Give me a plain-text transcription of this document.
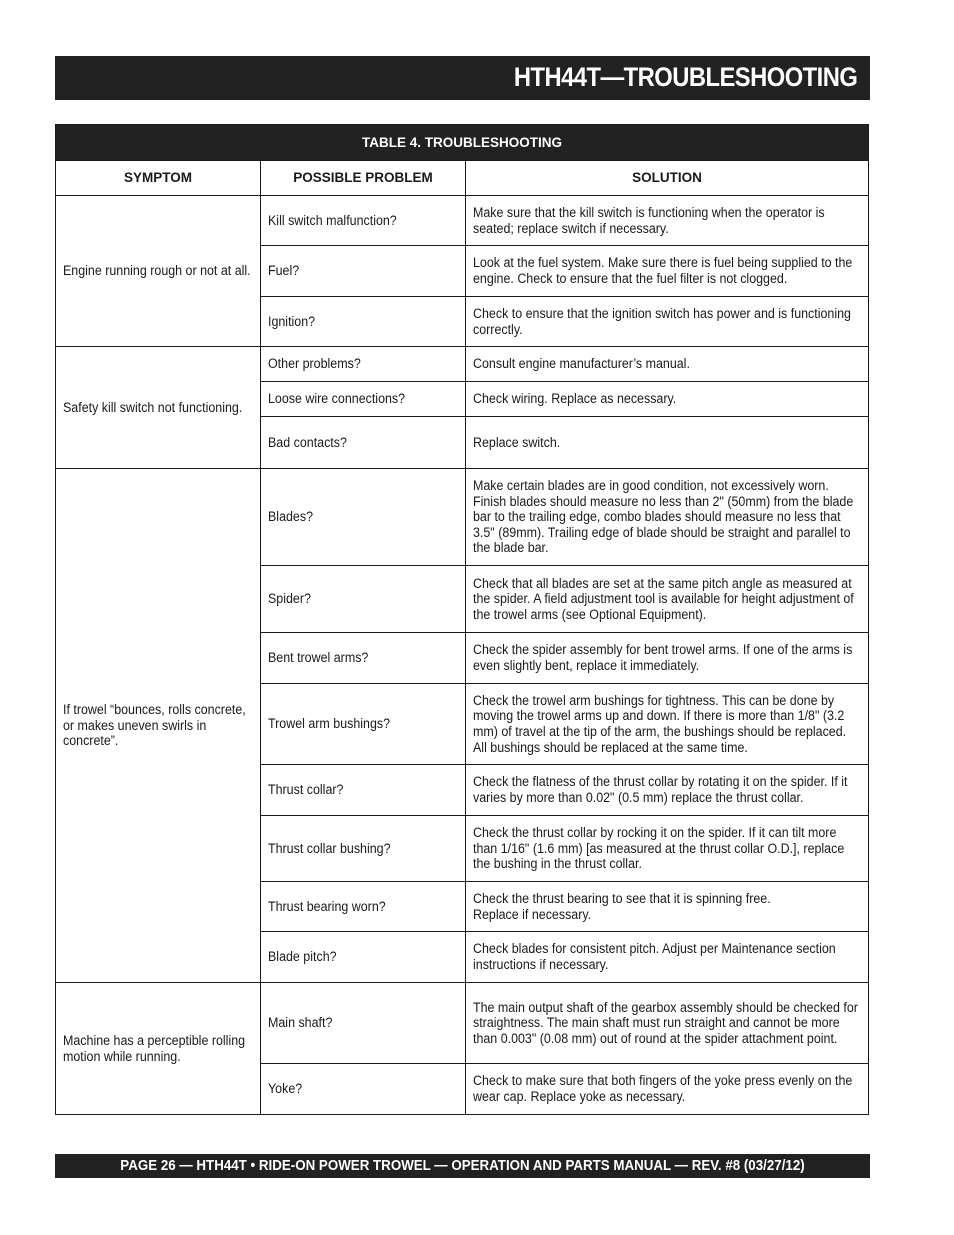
HTH44T—TROUBLESHOOTING
TABLE 4. TROUBLESHOOTING		
SYMPTOM	POSSIBLE PROBLEM	SOLUTION

Engine running rough or not at all.	Kill switch malfunction?	Make sure that the kill switch is functioning when the operator is seated; replace switch if necessary.

	Fuel?	Look at the fuel system. Make sure there is fuel being supplied to the engine. Check to ensure that the fuel filter is not clogged.

	Ignition?	Check to ensure that the ignition switch has power and is functioning correctly.

Safety kill switch not functioning.	Other problems?	Consult engine manufacturer’s manual.

	Loose wire connections?	Check wiring. Replace as necessary.

	Bad contacts?	Replace switch.

If trowel “bounces, rolls concrete, or makes uneven swirls in concrete”.	Blades?	Make certain blades are in good condition, not excessively worn. Finish blades should measure no less than 2" (50mm) from the blade bar to the trailing edge, combo blades should measure no less that 3.5" (89mm). Trailing edge of blade should be straight and parallel to the blade bar.

	Spider?	Check that all blades are set at the same pitch angle as measured at the spider. A field adjustment tool is available for height adjustment of the trowel arms (see Optional Equipment).

	Bent trowel arms?	Check the spider assembly for bent trowel arms. If one of the arms is even slightly bent, replace it immediately.

	Trowel arm bushings?	Check the trowel arm bushings for tightness. This can be done by moving the trowel arms up and down. If there is more than 1/8" (3.2 mm) of travel at the tip of the arm, the bushings should be replaced. All bushings should be replaced at the same time.

	Thrust collar?	Check the flatness of the thrust collar by rotating it on the spider. If it varies by more than 0.02" (0.5 mm) replace the thrust collar.

	Thrust collar bushing?	Check the thrust collar by rocking it on the spider. If it can tilt more than 1/16" (1.6 mm) [as measured at the thrust collar O.D.], replace the bushing in the thrust collar.

	Thrust bearing worn?	Check the thrust bearing to see that it is spinning free.
Replace if necessary.

	Blade pitch?	Check blades for consistent pitch. Adjust per Maintenance section instructions if necessary.

Machine has a perceptible rolling motion while running.	Main shaft?	The main output shaft of the gearbox assembly should be checked for straightness. The main shaft must run straight and cannot be more than 0.003" (0.08 mm) out of round at the spider attachment point.

	Yoke?	Check to make sure that both fingers of the yoke press evenly on the wear cap. Replace yoke as necessary.
PAGE 26 — HTH44T • RIDE-ON POWER TROWEL — OPERATION AND PARTS MANUAL — REV. #8 (03/27/12)
